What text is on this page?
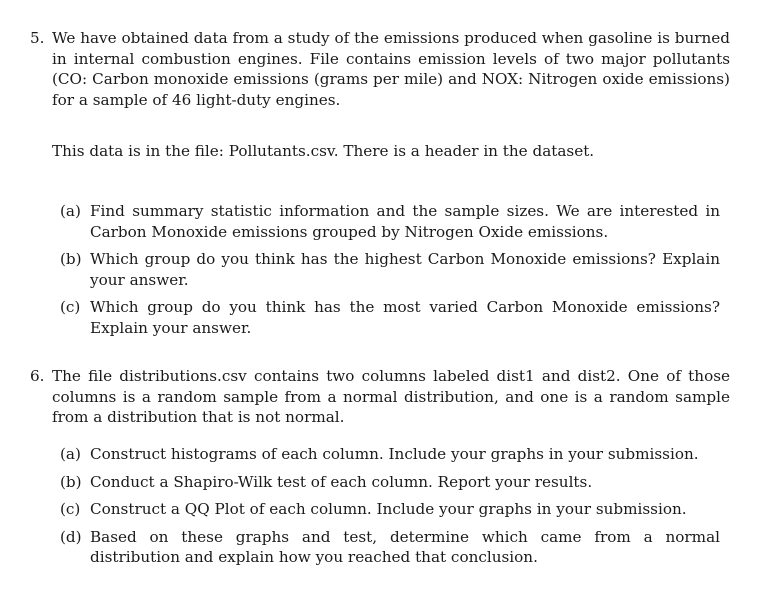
5. We have obtained data from a study of the emissions produced when gasoline is burned in internal combustion engines. File contains emission levels of two major pollutants (CO: Carbon monoxide emissions (grams per mile) and NOX: Nitrogen oxide emissions) for a sample of 46 light-duty engines.
This data is in the file: Pollutants.csv. There is a header in the dataset.
(a) Find summary statistic information and the sample sizes. We are interested in Carbon Monoxide emissions grouped by Nitrogen Oxide emissions.
(b) Which group do you think has the highest Carbon Monoxide emissions? Explain your answer.
(c) Which group do you think has the most varied Carbon Monoxide emissions? Explain your answer.
6. The file distributions.csv contains two columns labeled dist1 and dist2. One of those columns is a random sample from a normal distribution, and one is a random sample from a distribution that is not normal.
(a) Construct histograms of each column. Include your graphs in your submission.
(b) Conduct a Shapiro-Wilk test of each column. Report your results.
(c) Construct a QQ Plot of each column. Include your graphs in your submission.
(d) Based on these graphs and test, determine which came from a normal distribution and explain how you reached that conclusion.
